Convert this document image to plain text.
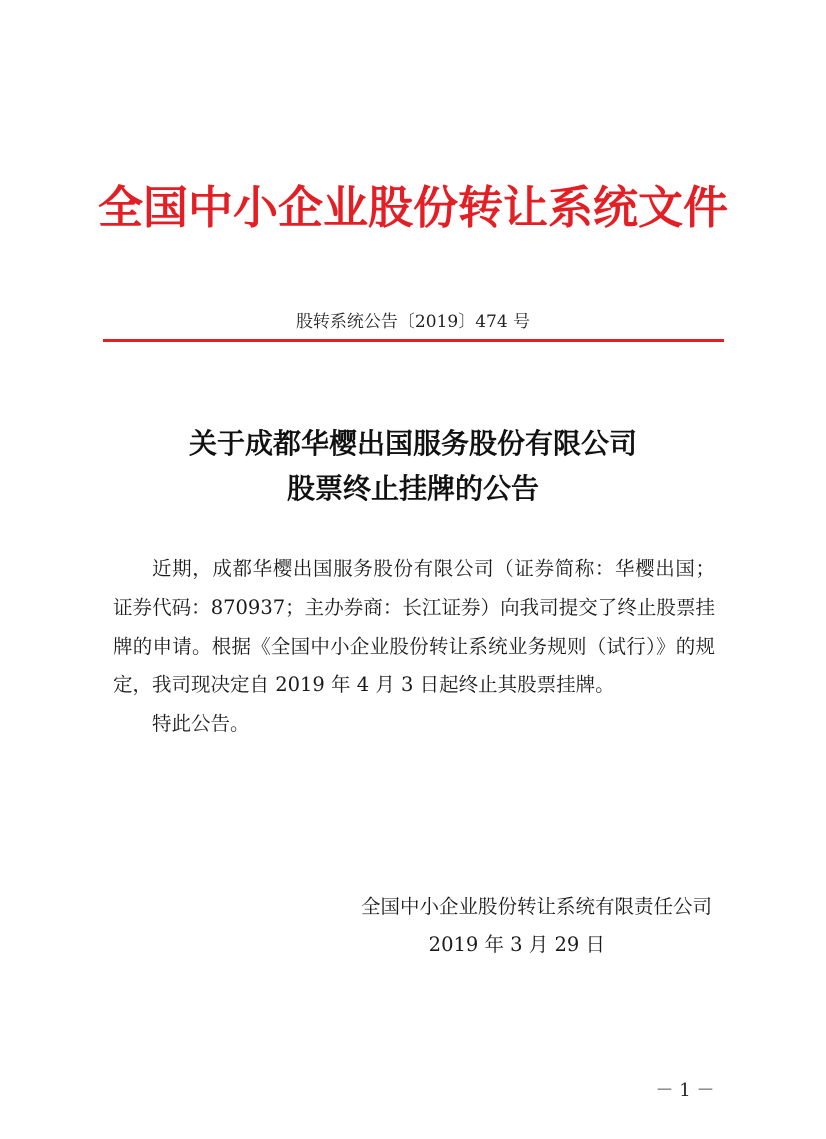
全国中小企业股份转让系统文件
股转系统公告〔2019〕474 号
关于成都华樱出国服务股份有限公司
股票终止挂牌的公告

近期，成都华樱出国服务股份有限公司（证券简称：华樱出国；证券代码：870937；主办券商：长江证券）向我司提交了终止股票挂牌的申请。根据《全国中小企业股份转让系统业务规则（试行）》的规定，我司现决定自 2019 年 4 月 3 日起终止其股票挂牌。

特此公告。

全国中小企业股份转让系统有限责任公司
2019 年 3 月 29 日
－ 1 －
